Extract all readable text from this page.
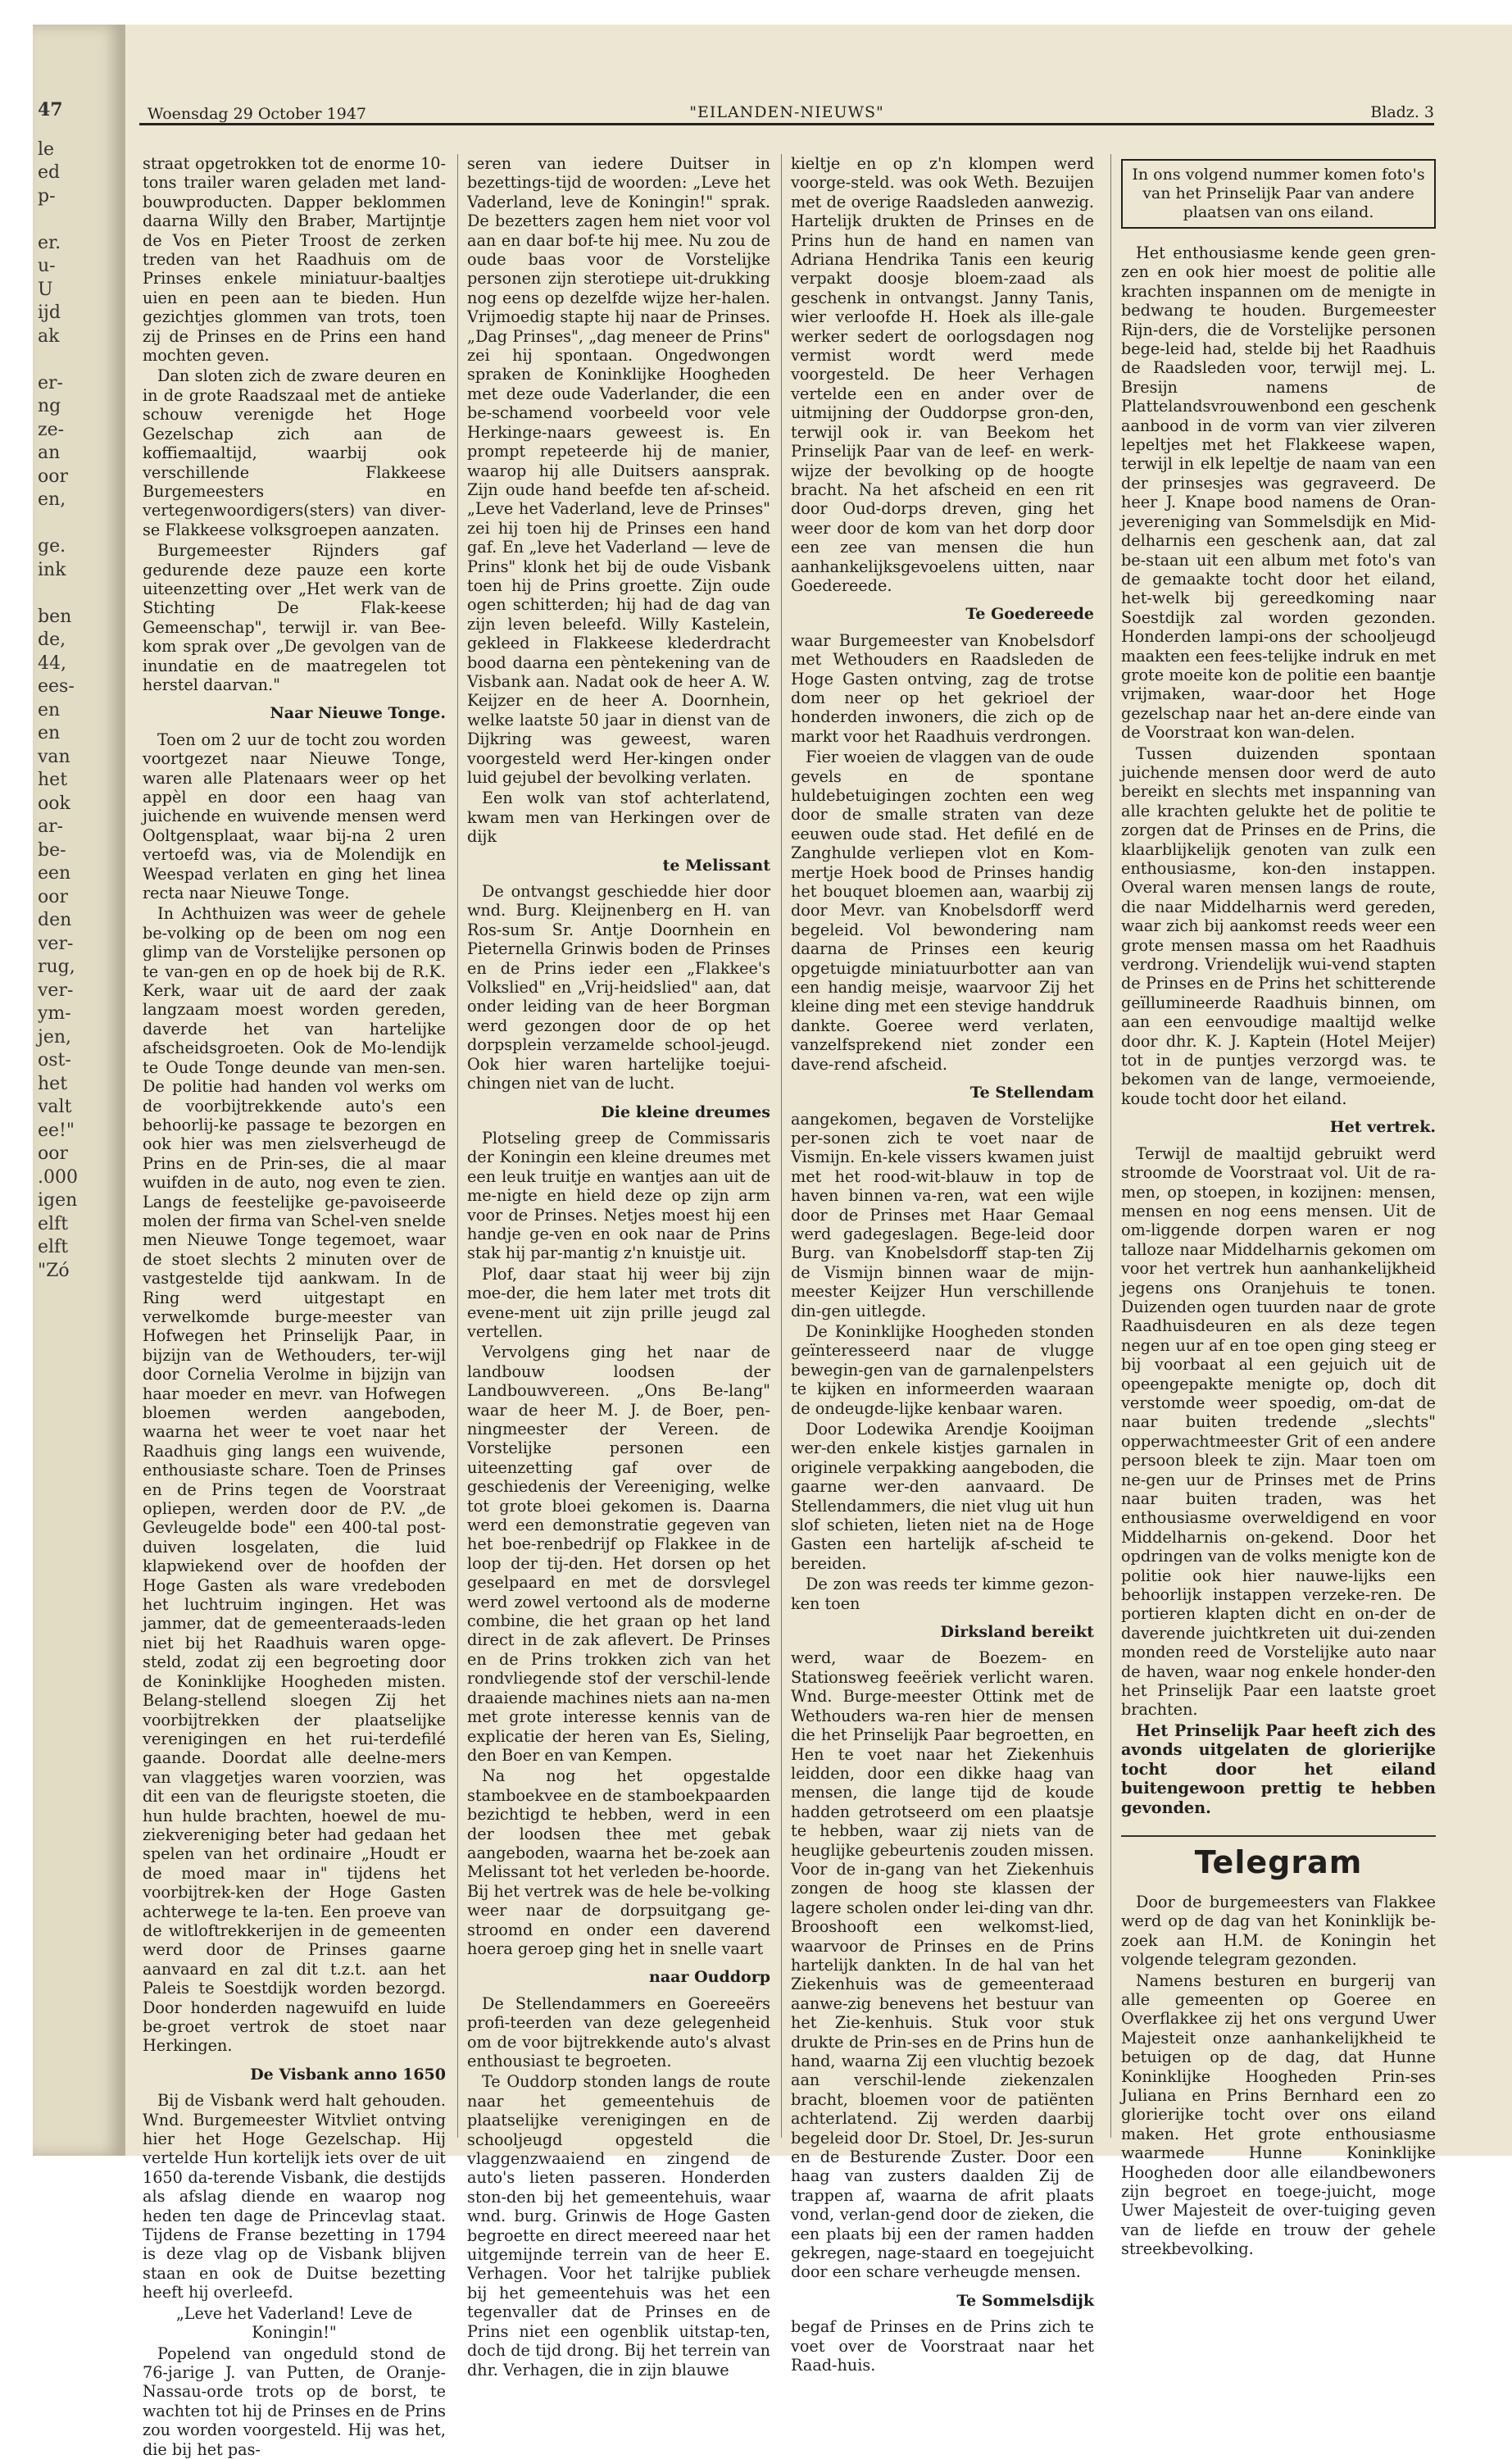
47
le
ed
p-

er.
u-
U
ijd
ak

er-
ng
ze-
an
oor
en,

ge.
ink

ben
de,
44,
ees-
en
en
van
het
ook
ar-
be-
een
oor
den
ver-
rug,
ver-
ym-
jen,
ost-
het
valt
ee!"
oor
.000
igen
elft
elft
"Zó
Woensdag 29 October 1947	"EILANDEN-NIEUWS"	Bladz. 3

straat opgetrokken tot de enorme 10-tons trailer waren geladen met land-bouwproducten. Dapper beklommen daarna Willy den Braber, Martijntje de Vos en Pieter Troost de zerken treden van het Raadhuis om de Prinses enkele miniatuur-baaltjes uien en peen aan te bieden. Hun gezichtjes glommen van trots, toen zij de Prinses en de Prins een hand mochten geven.

Dan sloten zich de zware deuren en in de grote Raadszaal met de antieke schouw verenigde het Hoge Gezelschap zich aan de koffiemaaltijd, waarbij ook verschillende Flakkeese Burgemeesters en vertegenwoordigers(sters) van diver-se Flakkeese volksgroepen aanzaten.

Burgemeester Rijnders gaf gedurende deze pauze een korte uiteenzetting over „Het werk van de Stichting De Flak-keese Gemeenschap", terwijl ir. van Bee-kom sprak over „De gevolgen van de inundatie en de maatregelen tot herstel daarvan."

Naar Nieuwe Tonge.

Toen om 2 uur de tocht zou worden voortgezet naar Nieuwe Tonge, waren alle Platenaars weer op het appèl en door een haag van juichende en wuivende mensen werd Ooltgensplaat, waar bij-na 2 uren vertoefd was, via de Molendijk en Weespad verlaten en ging het linea recta naar Nieuwe Tonge.

In Achthuizen was weer de gehele be-volking op de been om nog een glimp van de Vorstelijke personen op te van-gen en op de hoek bij de R.K. Kerk, waar uit de aard der zaak langzaam moest worden gereden, daverde het van hartelijke afscheidsgroeten. Ook de Mo-lendijk te Oude Tonge deunde van men-sen. De politie had handen vol werks om de voorbijtrekkende auto's een behoorlij-ke passage te bezorgen en ook hier was men zielsverheugd de Prins en de Prin-ses, die al maar wuifden in de auto, nog even te zien. Langs de feestelijke ge-pavoiseerde molen der firma van Schel-ven snelde men Nieuwe Tonge tegemoet, waar de stoet slechts 2 minuten over de vastgestelde tijd aankwam. In de Ring werd uitgestapt en verwelkomde burge-meester van Hofwegen het Prinselijk Paar, in bijzijn van de Wethouders, ter-wijl door Cornelia Verolme in bijzijn van haar moeder en mevr. van Hofwegen bloemen werden aangeboden, waarna het weer te voet naar het Raadhuis ging langs een wuivende, enthousiaste schare. Toen de Prinses en de Prins tegen de Voorstraat opliepen, werden door de P.V. „de Gevleugelde bode" een 400-tal post-duiven losgelaten, die luid klapwiekend over de hoofden der Hoge Gasten als ware vredeboden het luchtruim ingingen. Het was jammer, dat de gemeenteraads-leden niet bij het Raadhuis waren opge-steld, zodat zij een begroeting door de Koninklijke Hoogheden misten. Belang-stellend sloegen Zij het voorbijtrekken der plaatselijke verenigingen en het rui-terdefilé gaande. Doordat alle deelne-mers van vlaggetjes waren voorzien, was dit een van de fleurigste stoeten, die hun hulde brachten, hoewel de mu-ziekvereniging beter had gedaan het spelen van het ordinaire „Houdt er de moed maar in" tijdens het voorbijtrek-ken der Hoge Gasten achterwege te la-ten. Een proeve van de witloftrekkerijen in de gemeenten werd door de Prinses gaarne aanvaard en zal dit t.z.t. aan het Paleis te Soestdijk worden bezorgd. Door honderden nagewuifd en luide be-groet vertrok de stoet naar Herkingen.

De Visbank anno 1650

Bij de Visbank werd halt gehouden. Wnd. Burgemeester Witvliet ontving hier het Hoge Gezelschap. Hij vertelde Hun kortelijk iets over de uit 1650 da-terende Visbank, die destijds als afslag diende en waarop nog heden ten dage de Princevlag staat. Tijdens de Franse bezetting in 1794 is deze vlag op de Visbank blijven staan en ook de Duitse bezetting heeft hij overleefd.

„Leve het Vaderland! Leve de Koningin!"

Popelend van ongeduld stond de 76-jarige J. van Putten, de Oranje-Nassau-orde trots op de borst, te wachten tot hij de Prinses en de Prins zou worden voorgesteld. Hij was het, die bij het pas-

seren van iedere Duitser in bezettings-tijd de woorden: „Leve het Vaderland, leve de Koningin!" sprak. De bezetters zagen hem niet voor vol aan en daar bof-te hij mee. Nu zou de oude baas voor de Vorstelijke personen zijn sterotiepe uit-drukking nog eens op dezelfde wijze her-halen. Vrijmoedig stapte hij naar de Prinses. „Dag Prinses", „dag meneer de Prins" zei hij spontaan. Ongedwongen spraken de Koninklijke Hoogheden met deze oude Vaderlander, die een be-schamend voorbeeld voor vele Herkinge-naars geweest is. En prompt repeteerde hij de manier, waarop hij alle Duitsers aansprak. Zijn oude hand beefde ten af-scheid. „Leve het Vaderland, leve de Prinses" zei hij toen hij de Prinses een hand gaf. En „leve het Vaderland — leve de Prins" klonk het bij de oude Visbank toen hij de Prins groette. Zijn oude ogen schitterden; hij had de dag van zijn leven beleefd. Willy Kastelein, gekleed in Flakkeese klederdracht bood daarna een pèntekening van de Visbank aan. Nadat ook de heer A. W. Keijzer en de heer A. Doornhein, welke laatste 50 jaar in dienst van de Dijkring was geweest, waren voorgesteld werd Her-kingen onder luid gejubel der bevolking verlaten.

Een wolk van stof achterlatend, kwam men van Herkingen over de dijk

te Melissant

De ontvangst geschiedde hier door wnd. Burg. Kleijnenberg en H. van Ros-sum Sr. Antje Doornhein en Pieternella Grinwis boden de Prinses en de Prins ieder een „Flakkee's Volkslied" en „Vrij-heidslied" aan, dat onder leiding van de heer Borgman werd gezongen door de op het dorpsplein verzamelde school-jeugd. Ook hier waren hartelijke toejui-chingen niet van de lucht.

Die kleine dreumes

Plotseling greep de Commissaris der Koningin een kleine dreumes met een leuk truitje en wantjes aan uit de me-nigte en hield deze op zijn arm voor de Prinses. Netjes moest hij een handje ge-ven en ook naar de Prins stak hij par-mantig z'n knuistje uit.

Plof, daar staat hij weer bij zijn moe-der, die hem later met trots dit evene-ment uit zijn prille jeugd zal vertellen.

Vervolgens ging het naar de landbouw loodsen der Landbouwvereen. „Ons Be-lang" waar de heer M. J. de Boer, pen-ningmeester der Vereen. de Vorstelijke personen een uiteenzetting gaf over de geschiedenis der Vereeniging, welke tot grote bloei gekomen is. Daarna werd een demonstratie gegeven van het boe-renbedrijf op Flakkee in de loop der tij-den. Het dorsen op het geselpaard en met de dorsvlegel werd zowel vertoond als de moderne combine, die het graan op het land direct in de zak aflevert. De Prinses en de Prins trokken zich van het rondvliegende stof der verschil-lende draaiende machines niets aan na-men met grote interesse kennis van de explicatie der heren van Es, Sieling, den Boer en van Kempen.

Na nog het opgestalde stamboekvee en de stamboekpaarden bezichtigd te hebben, werd in een der loodsen thee met gebak aangeboden, waarna het be-zoek aan Melissant tot het verleden be-hoorde. Bij het vertrek was de hele be-volking weer naar de dorpsuitgang ge-stroomd en onder een daverend hoera geroep ging het in snelle vaart

naar Ouddorp

De Stellendammers en Goereeërs profi-teerden van deze gelegenheid om de voor bijtrekkende auto's alvast enthousiast te begroeten.

Te Ouddorp stonden langs de route naar het gemeentehuis de plaatselijke verenigingen en de schooljeugd opgesteld die vlaggenzwaaiend en zingend de auto's lieten passeren. Honderden ston-den bij het gemeentehuis, waar wnd. burg. Grinwis de Hoge Gasten begroette en direct meereed naar het uitgemijnde terrein van de heer E. Verhagen. Voor het talrijke publiek bij het gemeentehuis was het een tegenvaller dat de Prinses en de Prins niet een ogenblik uitstap-ten, doch de tijd drong. Bij het terrein van dhr. Verhagen, die in zijn blauwe

kieltje en op z'n klompen werd voorge-steld. was ook Weth. Bezuijen met de overige Raadsleden aanwezig. Hartelijk drukten de Prinses en de Prins hun de hand en namen van Adriana Hendrika Tanis een keurig verpakt doosje bloem-zaad als geschenk in ontvangst. Janny Tanis, wier verloofde H. Hoek als ille-gale werker sedert de oorlogsdagen nog vermist wordt werd mede voorgesteld. De heer Verhagen vertelde een en ander over de uitmijning der Ouddorpse gron-den, terwijl ook ir. van Beekom het Prinselijk Paar van de leef- en werk-wijze der bevolking op de hoogte bracht. Na het afscheid en een rit door Oud-dorps dreven, ging het weer door de kom van het dorp door een zee van mensen die hun aanhankelijksgevoelens uitten, naar Goedereede.

Te Goedereede

waar Burgemeester van Knobelsdorf met Wethouders en Raadsleden de Hoge Gasten ontving, zag de trotse dom neer op het gekrioel der honderden inwoners, die zich op de markt voor het Raadhuis verdrongen.

Fier woeien de vlaggen van de oude gevels en de spontane huldebetuigingen zochten een weg door de smalle straten van deze eeuwen oude stad. Het defilé en de Zanghulde verliepen vlot en Kom-mertje Hoek bood de Prinses handig het bouquet bloemen aan, waarbij zij door Mevr. van Knobelsdorff werd begeleid. Vol bewondering nam daarna de Prinses een keurig opgetuigde miniatuurbotter aan van een handig meisje, waarvoor Zij het kleine ding met een stevige handdruk dankte. Goeree werd verlaten, vanzelfsprekend niet zonder een dave-rend afscheid.

Te Stellendam

aangekomen, begaven de Vorstelijke per-sonen zich te voet naar de Vismijn. En-kele vissers kwamen juist met het rood-wit-blauw in top de haven binnen va-ren, wat een wijle door de Prinses met Haar Gemaal werd gadegeslagen. Bege-leid door Burg. van Knobelsdorff stap-ten Zij de Vismijn binnen waar de mijn-meester Keijzer Hun verschillende din-gen uitlegde.

De Koninklijke Hoogheden stonden geïnteresseerd naar de vlugge bewegin-gen van de garnalenpelsters te kijken en informeerden waaraan de ondeugde-lijke kenbaar waren.

Door Lodewika Arendje Kooijman wer-den enkele kistjes garnalen in originele verpakking aangeboden, die gaarne wer-den aanvaard. De Stellendammers, die niet vlug uit hun slof schieten, lieten niet na de Hoge Gasten een hartelijk af-scheid te bereiden.

De zon was reeds ter kimme gezon-ken toen

Dirksland bereikt

werd, waar de Boezem- en Stationsweg feeëriek verlicht waren. Wnd. Burge-meester Ottink met de Wethouders wa-ren hier de mensen die het Prinselijk Paar begroetten, en Hen te voet naar het Ziekenhuis leidden, door een dikke haag van mensen, die lange tijd de koude hadden getrotseerd om een plaatsje te hebben, waar zij niets van de heuglijke gebeurtenis zouden missen. Voor de in-gang van het Ziekenhuis zongen de hoog ste klassen der lagere scholen onder lei-ding van dhr. Brooshooft een welkomst-lied, waarvoor de Prinses en de Prins hartelijk dankten. In de hal van het Ziekenhuis was de gemeenteraad aanwe-zig benevens het bestuur van het Zie-kenhuis. Stuk voor stuk drukte de Prin-ses en de Prins hun de hand, waarna Zij een vluchtig bezoek aan verschil-lende ziekenzalen bracht, bloemen voor de patiënten achterlatend. Zij werden daarbij begeleid door Dr. Stoel, Dr. Jes-surun en de Besturende Zuster. Door een haag van zusters daalden Zij de trappen af, waarna de afrit plaats vond, verlan-gend door de zieken, die een plaats bij een der ramen hadden gekregen, nage-staard en toegejuicht door een schare verheugde mensen.

Te Sommelsdijk

begaf de Prinses en de Prins zich te voet over de Voorstraat naar het Raad-huis.

In ons volgend nummer komen foto's van het Prinselijk Paar van andere plaatsen van ons eiland.

Het enthousiasme kende geen gren-zen en ook hier moest de politie alle krachten inspannen om de menigte in bedwang te houden. Burgemeester Rijn-ders, die de Vorstelijke personen bege-leid had, stelde bij het Raadhuis de Raadsleden voor, terwijl mej. L. Bresijn namens de Plattelandsvrouwenbond een geschenk aanbood in de vorm van vier zilveren lepeltjes met het Flakkeese wapen, terwijl in elk lepeltje de naam van een der prinsesjes was gegraveerd. De heer J. Knape bood namens de Oran-jevereniging van Sommelsdijk en Mid-delharnis een geschenk aan, dat zal be-staan uit een album met foto's van de gemaakte tocht door het eiland, het-welk bij gereedkoming naar Soestdijk zal worden gezonden. Honderden lampi-ons der schooljeugd maakten een fees-telijke indruk en met grote moeite kon de politie een baantje vrijmaken, waar-door het Hoge gezelschap naar het an-dere einde van de Voorstraat kon wan-delen.

Tussen duizenden spontaan juichende mensen door werd de auto bereikt en slechts met inspanning van alle krachten gelukte het de politie te zorgen dat de Prinses en de Prins, die klaarblijkelijk genoten van zulk een enthousiasme, kon-den instappen. Overal waren mensen langs de route, die naar Middelharnis werd gereden, waar zich bij aankomst reeds weer een grote mensen massa om het Raadhuis verdrong. Vriendelijk wui-vend stapten de Prinses en de Prins het schitterende geïllumineerde Raadhuis binnen, om aan een eenvoudige maaltijd welke door dhr. K. J. Kaptein (Hotel Meijer) tot in de puntjes verzorgd was. te bekomen van de lange, vermoeiende, koude tocht door het eiland.

Het vertrek.

Terwijl de maaltijd gebruikt werd stroomde de Voorstraat vol. Uit de ra-men, op stoepen, in kozijnen: mensen, mensen en nog eens mensen. Uit de om-liggende dorpen waren er nog talloze naar Middelharnis gekomen om voor het vertrek hun aanhankelijkheid jegens ons Oranjehuis te tonen. Duizenden ogen tuurden naar de grote Raadhuisdeuren en als deze tegen negen uur af en toe open ging steeg er bij voorbaat al een gejuich uit de opeengepakte menigte op, doch dit verstomde weer spoedig, om-dat de naar buiten tredende „slechts" opperwachtmeester Grit of een andere persoon bleek te zijn. Maar toen om ne-gen uur de Prinses met de Prins naar buiten traden, was het enthousiasme overweldigend en voor Middelharnis on-gekend. Door het opdringen van de volks menigte kon de politie ook hier nauwe-lijks een behoorlijk instappen verzeke-ren. De portieren klapten dicht en on-der de daverende juichtkreten uit dui-zenden monden reed de Vorstelijke auto naar de haven, waar nog enkele honder-den het Prinselijk Paar een laatste groet brachten.

Het Prinselijk Paar heeft zich des avonds uitgelaten de glorierijke tocht door het eiland buitengewoon prettig te hebben gevonden.

Telegram

Door de burgemeesters van Flakkee werd op de dag van het Koninklijk be-zoek aan H.M. de Koningin het volgende telegram gezonden.

Namens besturen en burgerij van alle gemeenten op Goeree en Overflakkee zij het ons vergund Uwer Majesteit onze aanhankelijkheid te betuigen op de dag, dat Hunne Koninklijke Hoogheden Prin-ses Juliana en Prins Bernhard een zo glorierijke tocht over ons eiland maken. Het grote enthousiasme waarmede Hunne Koninklijke Hoogheden door alle eilandbewoners zijn begroet en toege-juicht, moge Uwer Majesteit de over-tuiging geven van de liefde en trouw der gehele streekbevolking.
